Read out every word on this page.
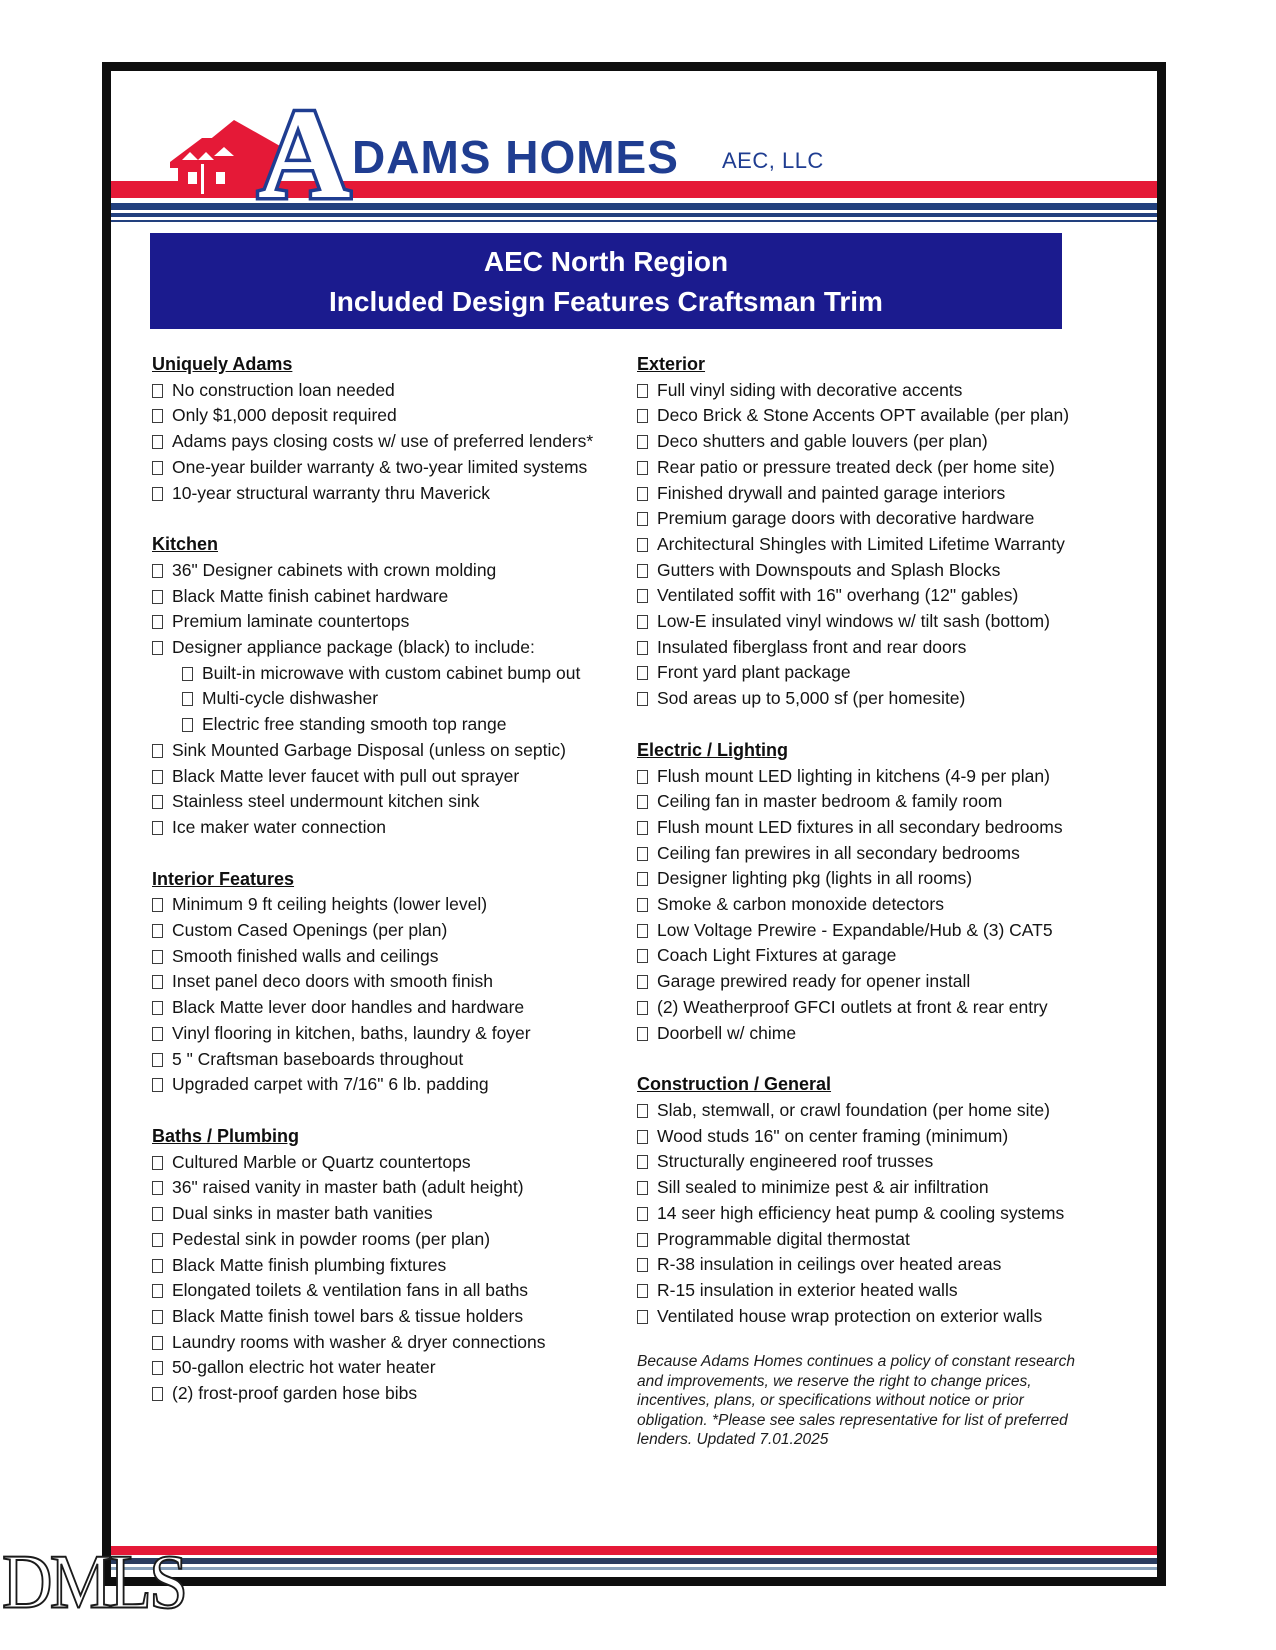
A DAMS HOMES AEC, LLC
AEC North Region
Included Design Features Craftsman Trim
Uniquely Adams
No construction loan needed
Only $1,000 deposit required
Adams pays closing costs w/ use of preferred lenders*
One-year builder warranty & two-year limited systems
10-year structural warranty thru Maverick
Kitchen
36" Designer cabinets with crown molding
Black Matte finish cabinet hardware
Premium laminate countertops
Designer appliance package (black) to include:
Built-in microwave with custom cabinet bump out
Multi-cycle dishwasher
Electric free standing smooth top range
Sink Mounted Garbage Disposal (unless on septic)
Black Matte lever faucet with pull out sprayer
Stainless steel undermount kitchen sink
Ice maker water connection
Interior Features
Minimum 9 ft ceiling heights (lower level)
Custom Cased Openings (per plan)
Smooth finished walls and ceilings
Inset panel deco doors with smooth finish
Black Matte lever door handles and hardware
Vinyl flooring in kitchen, baths, laundry & foyer
5 " Craftsman baseboards throughout
Upgraded carpet with 7/16" 6 lb. padding
Baths / Plumbing
Cultured Marble or Quartz countertops
36" raised vanity in master bath (adult height)
Dual sinks in master bath vanities
Pedestal sink in powder rooms (per plan)
Black Matte finish plumbing fixtures
Elongated toilets & ventilation fans in all baths
Black Matte finish towel bars & tissue holders
Laundry rooms with washer & dryer connections
50-gallon electric hot water heater
(2) frost-proof garden hose bibs
Exterior
Full vinyl siding with decorative accents
Deco Brick & Stone Accents OPT available (per plan)
Deco shutters and gable louvers (per plan)
Rear patio or pressure treated deck (per home site)
Finished drywall and painted garage interiors
Premium garage doors with decorative hardware
Architectural Shingles with Limited Lifetime Warranty
Gutters with Downspouts and Splash Blocks
Ventilated soffit with 16" overhang (12" gables)
Low-E insulated vinyl windows w/ tilt sash (bottom)
Insulated fiberglass front and rear doors
Front yard plant package
Sod areas up to 5,000 sf (per homesite)
Electric / Lighting
Flush mount LED lighting in kitchens (4-9 per plan)
Ceiling fan in master bedroom & family room
Flush mount LED fixtures in all secondary bedrooms
Ceiling fan prewires in all secondary bedrooms
Designer lighting pkg (lights in all rooms)
Smoke & carbon monoxide detectors
Low Voltage Prewire - Expandable/Hub & (3) CAT5
Coach Light Fixtures at garage
Garage prewired ready for opener install
(2) Weatherproof GFCI outlets at front & rear entry
Doorbell w/ chime
Construction / General
Slab, stemwall, or crawl foundation (per home site)
Wood studs 16" on center framing (minimum)
Structurally engineered roof trusses
Sill sealed to minimize pest & air infiltration
14 seer high efficiency heat pump & cooling systems
Programmable digital thermostat
R-38 insulation in ceilings over heated areas
R-15 insulation in exterior heated walls
Ventilated house wrap protection on exterior walls
Because Adams Homes continues a policy of constant research and improvements, we reserve the right to change prices, incentives, plans, or specifications without notice or prior obligation. *Please see sales representative for list of preferred lenders. Updated 7.01.2025
DMLS
